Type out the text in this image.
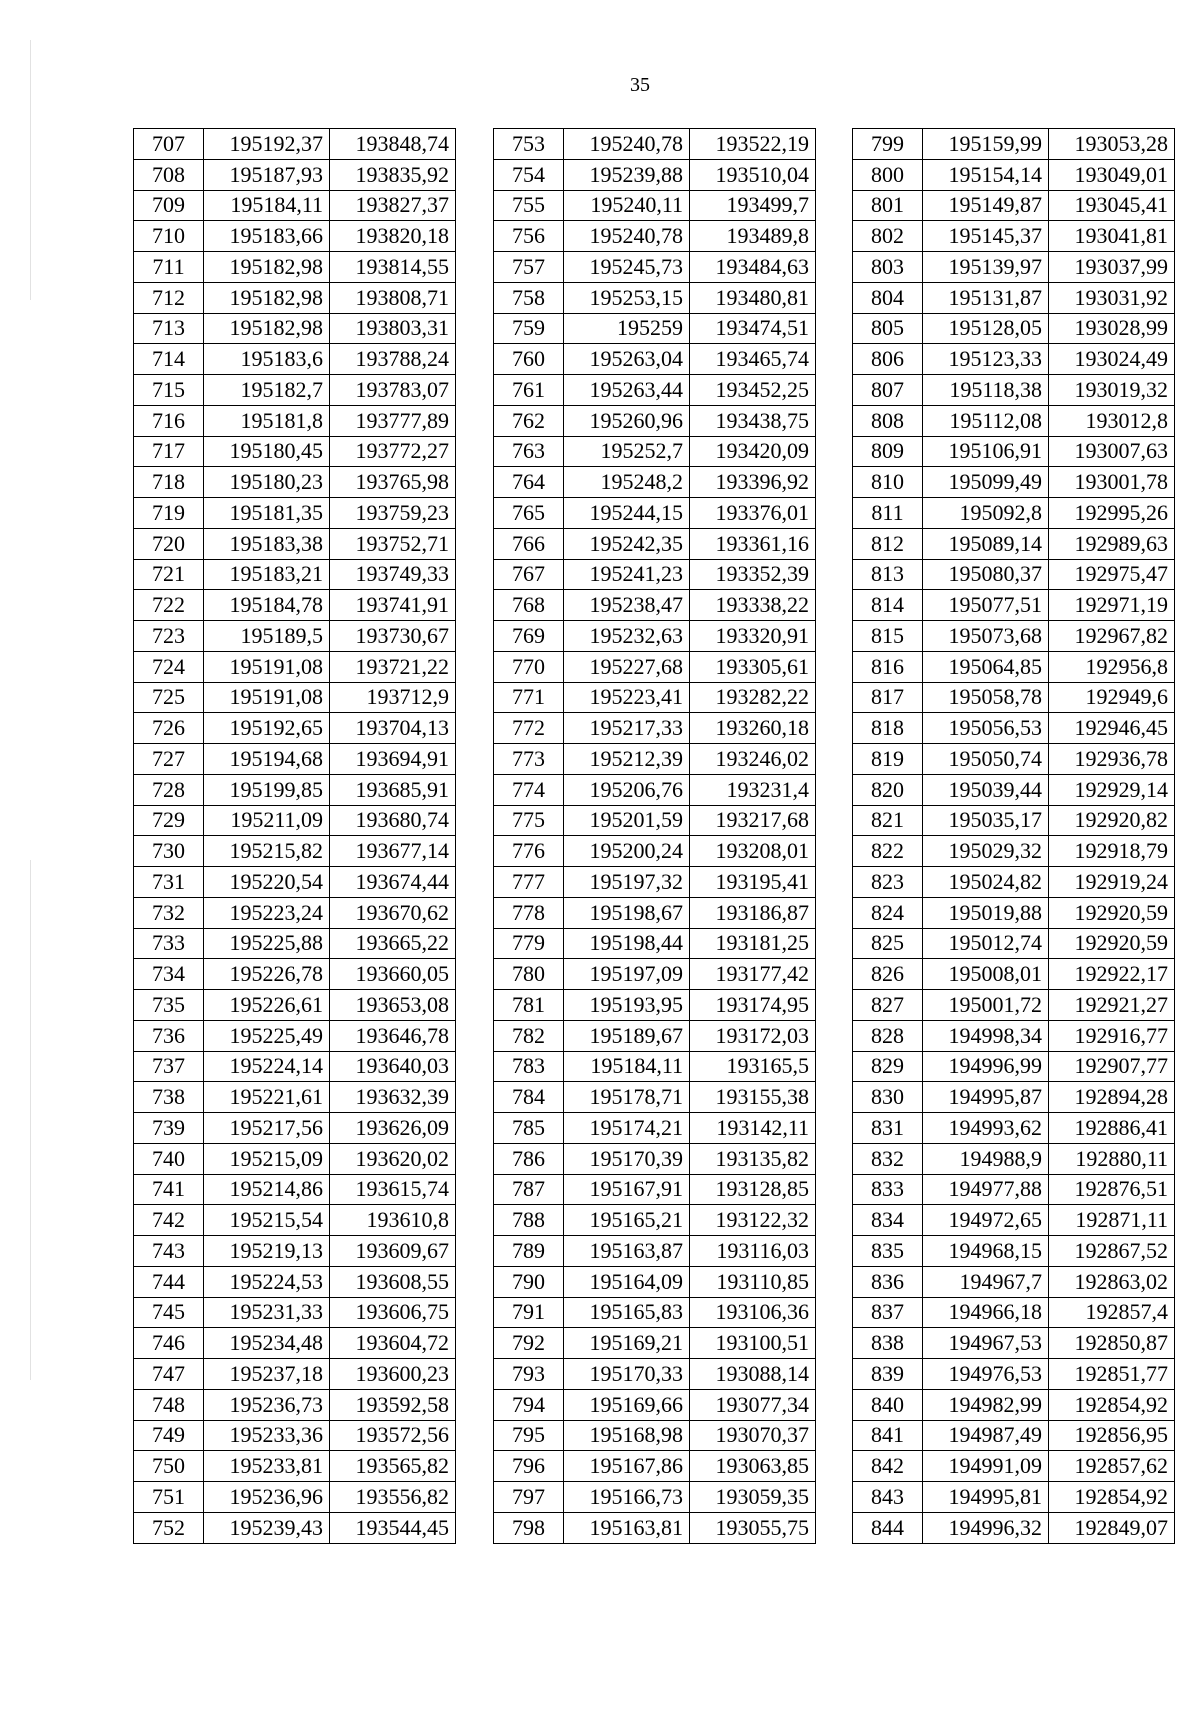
35
707	195192,37	193848,74
708	195187,93	193835,92
709	195184,11	193827,37
710	195183,66	193820,18
711	195182,98	193814,55
712	195182,98	193808,71
713	195182,98	193803,31
714	195183,6	193788,24
715	195182,7	193783,07
716	195181,8	193777,89
717	195180,45	193772,27
718	195180,23	193765,98
719	195181,35	193759,23
720	195183,38	193752,71
721	195183,21	193749,33
722	195184,78	193741,91
723	195189,5	193730,67
724	195191,08	193721,22
725	195191,08	193712,9
726	195192,65	193704,13
727	195194,68	193694,91
728	195199,85	193685,91
729	195211,09	193680,74
730	195215,82	193677,14
731	195220,54	193674,44
732	195223,24	193670,62
733	195225,88	193665,22
734	195226,78	193660,05
735	195226,61	193653,08
736	195225,49	193646,78
737	195224,14	193640,03
738	195221,61	193632,39
739	195217,56	193626,09
740	195215,09	193620,02
741	195214,86	193615,74
742	195215,54	193610,8
743	195219,13	193609,67
744	195224,53	193608,55
745	195231,33	193606,75
746	195234,48	193604,72
747	195237,18	193600,23
748	195236,73	193592,58
749	195233,36	193572,56
750	195233,81	193565,82
751	195236,96	193556,82
752	195239,43	193544,45
753	195240,78	193522,19
754	195239,88	193510,04
755	195240,11	193499,7
756	195240,78	193489,8
757	195245,73	193484,63
758	195253,15	193480,81
759	195259	193474,51
760	195263,04	193465,74
761	195263,44	193452,25
762	195260,96	193438,75
763	195252,7	193420,09
764	195248,2	193396,92
765	195244,15	193376,01
766	195242,35	193361,16
767	195241,23	193352,39
768	195238,47	193338,22
769	195232,63	193320,91
770	195227,68	193305,61
771	195223,41	193282,22
772	195217,33	193260,18
773	195212,39	193246,02
774	195206,76	193231,4
775	195201,59	193217,68
776	195200,24	193208,01
777	195197,32	193195,41
778	195198,67	193186,87
779	195198,44	193181,25
780	195197,09	193177,42
781	195193,95	193174,95
782	195189,67	193172,03
783	195184,11	193165,5
784	195178,71	193155,38
785	195174,21	193142,11
786	195170,39	193135,82
787	195167,91	193128,85
788	195165,21	193122,32
789	195163,87	193116,03
790	195164,09	193110,85
791	195165,83	193106,36
792	195169,21	193100,51
793	195170,33	193088,14
794	195169,66	193077,34
795	195168,98	193070,37
796	195167,86	193063,85
797	195166,73	193059,35
798	195163,81	193055,75
799	195159,99	193053,28
800	195154,14	193049,01
801	195149,87	193045,41
802	195145,37	193041,81
803	195139,97	193037,99
804	195131,87	193031,92
805	195128,05	193028,99
806	195123,33	193024,49
807	195118,38	193019,32
808	195112,08	193012,8
809	195106,91	193007,63
810	195099,49	193001,78
811	195092,8	192995,26
812	195089,14	192989,63
813	195080,37	192975,47
814	195077,51	192971,19
815	195073,68	192967,82
816	195064,85	192956,8
817	195058,78	192949,6
818	195056,53	192946,45
819	195050,74	192936,78
820	195039,44	192929,14
821	195035,17	192920,82
822	195029,32	192918,79
823	195024,82	192919,24
824	195019,88	192920,59
825	195012,74	192920,59
826	195008,01	192922,17
827	195001,72	192921,27
828	194998,34	192916,77
829	194996,99	192907,77
830	194995,87	192894,28
831	194993,62	192886,41
832	194988,9	192880,11
833	194977,88	192876,51
834	194972,65	192871,11
835	194968,15	192867,52
836	194967,7	192863,02
837	194966,18	192857,4
838	194967,53	192850,87
839	194976,53	192851,77
840	194982,99	192854,92
841	194987,49	192856,95
842	194991,09	192857,62
843	194995,81	192854,92
844	194996,32	192849,07
